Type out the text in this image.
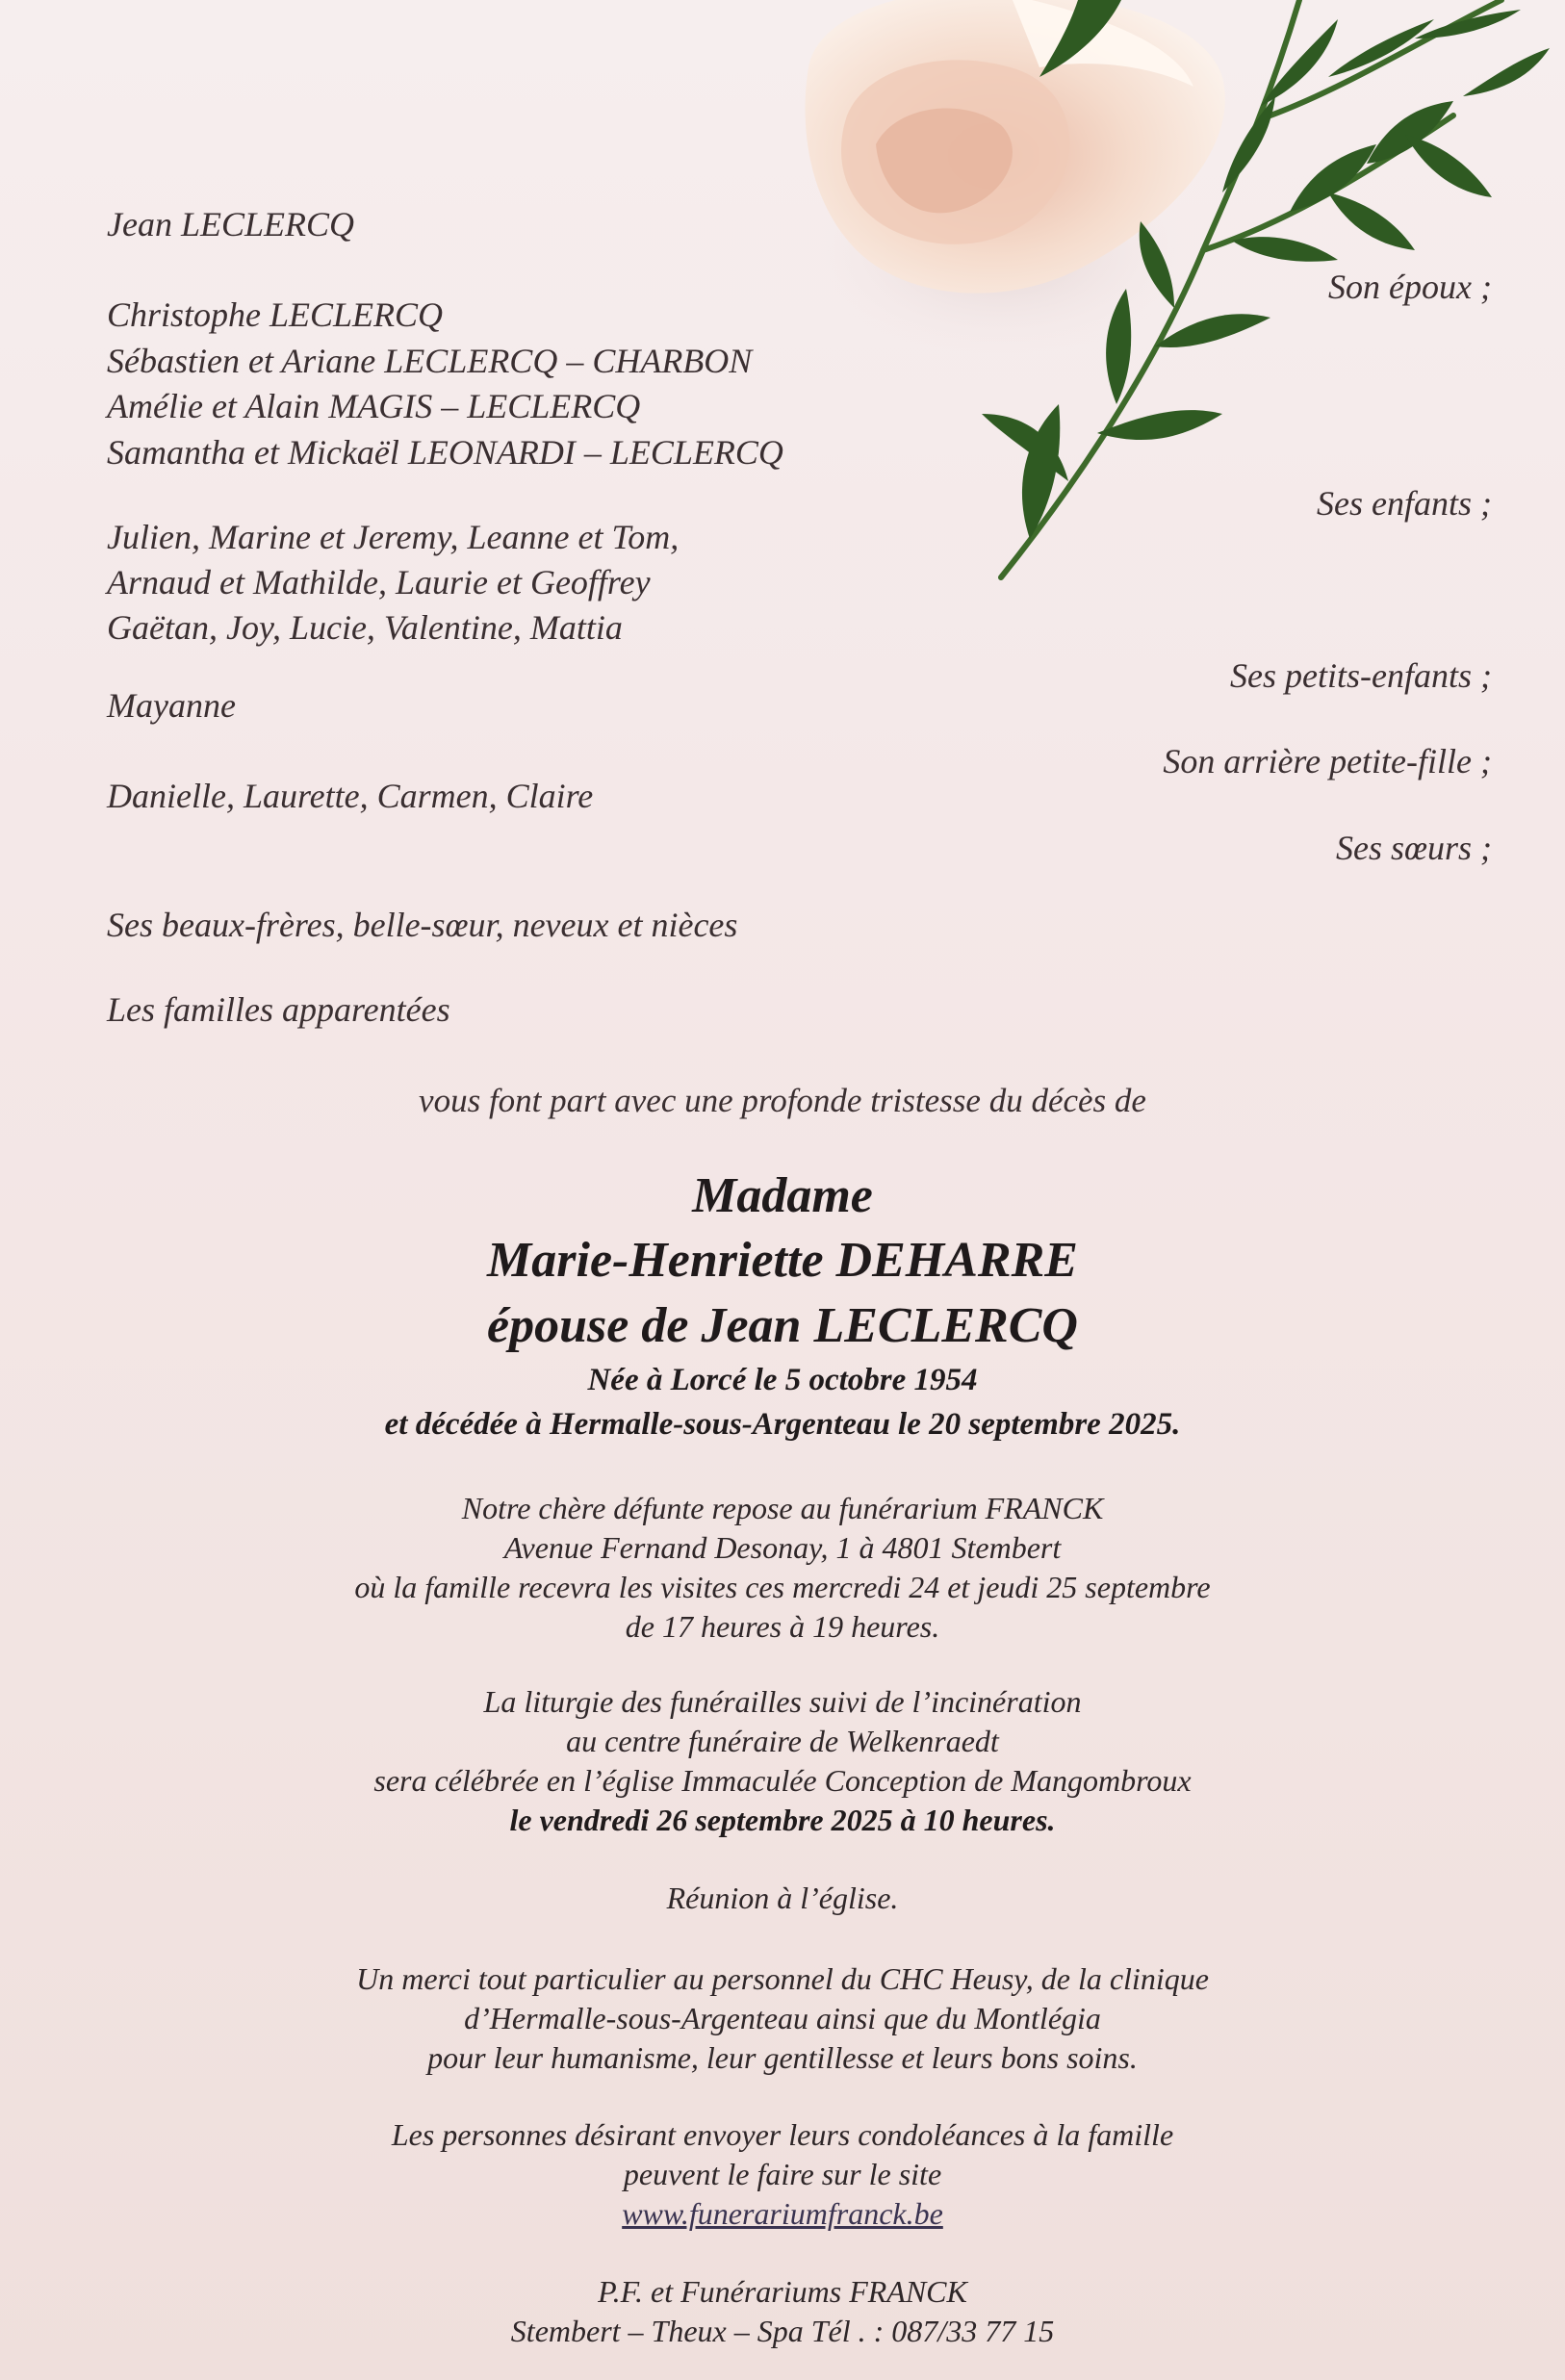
Jean LECLERCQ
Christophe LECLERCQ
Sébastien et Ariane LECLERCQ – CHARBON
Amélie et Alain MAGIS – LECLERCQ
Samantha et Mickaël LEONARDI – LECLERCQ
Julien, Marine et Jeremy, Leanne et Tom,
Arnaud et Mathilde, Laurie et Geoffrey
Gaëtan, Joy, Lucie, Valentine, Mattia
Mayanne
Danielle, Laurette, Carmen, Claire
Ses beaux-frères, belle-sœur, neveux et nièces
Les familles apparentées
Son époux ;
Ses enfants ;
Ses petits-enfants ;
Son arrière petite-fille ;
Ses sœurs ;
vous font part avec une profonde tristesse du décès de
Madame
Marie-Henriette DEHARRE
épouse de Jean LECLERCQ
Née à Lorcé le 5 octobre 1954
et décédée à Hermalle-sous-Argenteau le 20 septembre 2025.
Notre chère défunte repose au funérarium FRANCK
Avenue Fernand Desonay, 1 à 4801 Stembert
où la famille recevra les visites ces mercredi 24 et jeudi 25 septembre
de 17 heures à 19 heures.
La liturgie des funérailles suivi de l’incinération
au centre funéraire de Welkenraedt
sera célébrée en l’église Immaculée Conception de Mangombroux
le vendredi 26 septembre 2025 à 10 heures.
Réunion à l’église.
Un merci tout particulier au personnel du CHC Heusy, de la clinique
d’Hermalle-sous-Argenteau ainsi que du Montlégia
pour leur humanisme, leur gentillesse et leurs bons soins.
Les personnes désirant envoyer leurs condoléances à la famille
peuvent le faire sur le site
www.funerariumfranck.be
P.F. et Funérariums FRANCK
Stembert – Theux – Spa Tél . : 087/33 77 15
